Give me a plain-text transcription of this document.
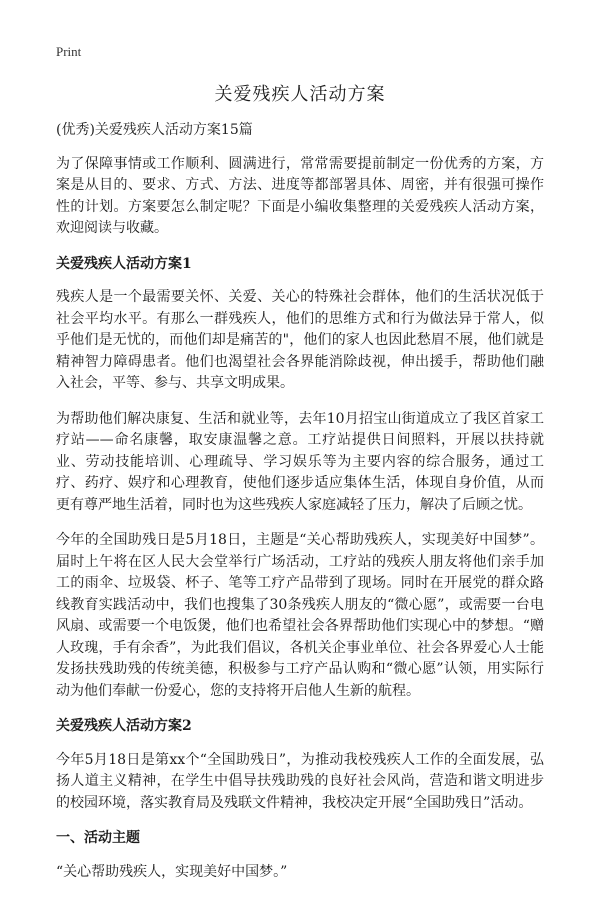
Print
关爱残疾人活动方案

(优秀)关爱残疾人活动方案15篇

为了保障事情或工作顺利、圆满进行，常常需要提前制定一份优秀的方案，方案是从目的、要求、方式、方法、进度等都部署具体、周密，并有很强可操作性的计划。方案要怎么制定呢？下面是小编收集整理的关爱残疾人活动方案，欢迎阅读与收藏。

关爱残疾人活动方案1

残疾人是一个最需要关怀、关爱、关心的特殊社会群体，他们的生活状况低于社会平均水平。有那么一群残疾人，他们的思维方式和行为做法异于常人，似乎他们是无忧的，而他们却是痛苦的"，他们的家人也因此愁眉不展，他们就是精神智力障碍患者。他们也渴望社会各界能消除歧视，伸出援手，帮助他们融入社会，平等、参与、共享文明成果。

为帮助他们解决康复、生活和就业等，去年10月招宝山街道成立了我区首家工疗站——命名康馨，取安康温馨之意。工疗站提供日间照料，开展以扶持就业、劳动技能培训、心理疏导、学习娱乐等为主要内容的综合服务，通过工疗、药疗、娱疗和心理教育，使他们逐步适应集体生活，体现自身价值，从而更有尊严地生活着，同时也为这些残疾人家庭减轻了压力，解决了后顾之忧。

今年的全国助残日是5月18日，主题是“关心帮助残疾人，实现美好中国梦”。届时上午将在区人民大会堂举行广场活动，工疗站的残疾人朋友将他们亲手加工的雨伞、垃圾袋、杯子、笔等工疗产品带到了现场。同时在开展党的群众路线教育实践活动中，我们也搜集了30条残疾人朋友的“微心愿”，或需要一台电风扇、或需要一个电饭煲，他们也希望社会各界帮助他们实现心中的梦想。“赠人玫瑰，手有余香”，为此我们倡议，各机关企事业单位、社会各界爱心人士能发扬扶残助残的传统美德，积极参与工疗产品认购和“微心愿”认领，用实际行动为他们奉献一份爱心，您的支持将开启他人生新的航程。

关爱残疾人活动方案2

今年5月18日是第xx个“全国助残日”，为推动我校残疾人工作的全面发展，弘扬人道主义精神，在学生中倡导扶残助残的良好社会风尚，营造和谐文明进步的校园环境，落实教育局及残联文件精神，我校决定开展“全国助残日”活动。

一、活动主题

“关心帮助残疾人，实现美好中国梦。”
